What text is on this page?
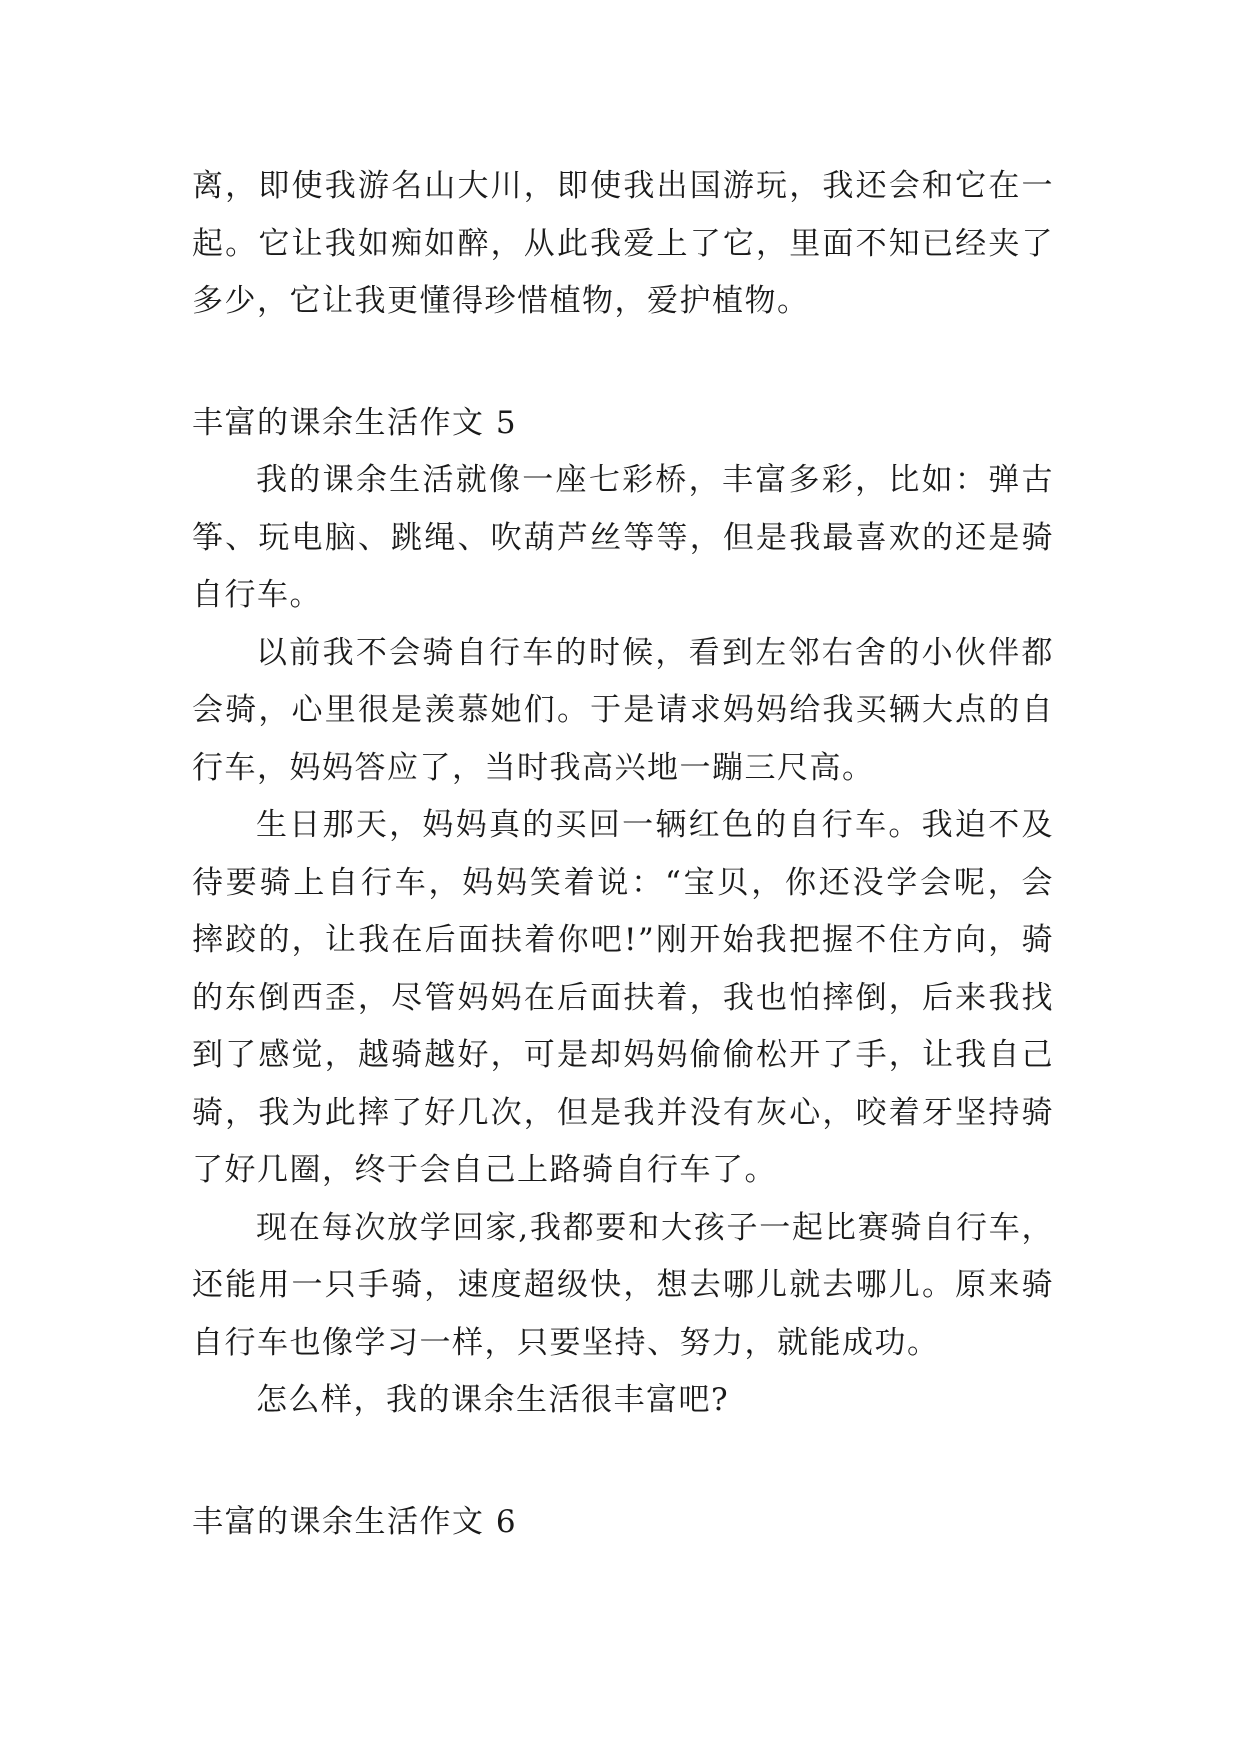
离，即使我游名山大川，即使我出国游玩，我还会和它在一起。它让我如痴如醉，从此我爱上了它，里面不知已经夹了多少，它让我更懂得珍惜植物，爱护植物。

丰富的课余生活作文 5

我的课余生活就像一座七彩桥，丰富多彩，比如：弹古筝、玩电脑、跳绳、吹葫芦丝等等，但是我最喜欢的还是骑自行车。

以前我不会骑自行车的时候，看到左邻右舍的小伙伴都会骑，心里很是羡慕她们。于是请求妈妈给我买辆大点的自行车，妈妈答应了，当时我高兴地一蹦三尺高。

生日那天，妈妈真的买回一辆红色的自行车。我迫不及待要骑上自行车，妈妈笑着说：“宝贝，你还没学会呢，会摔跤的，让我在后面扶着你吧!”刚开始我把握不住方向，骑的东倒西歪，尽管妈妈在后面扶着，我也怕摔倒，后来我找到了感觉，越骑越好，可是却妈妈偷偷松开了手，让我自己骑，我为此摔了好几次，但是我并没有灰心，咬着牙坚持骑了好几圈，终于会自己上路骑自行车了。

现在每次放学回家,我都要和大孩子一起比赛骑自行车，还能用一只手骑，速度超级快，想去哪儿就去哪儿。原来骑自行车也像学习一样，只要坚持、努力，就能成功。

怎么样，我的课余生活很丰富吧?

丰富的课余生活作文 6
